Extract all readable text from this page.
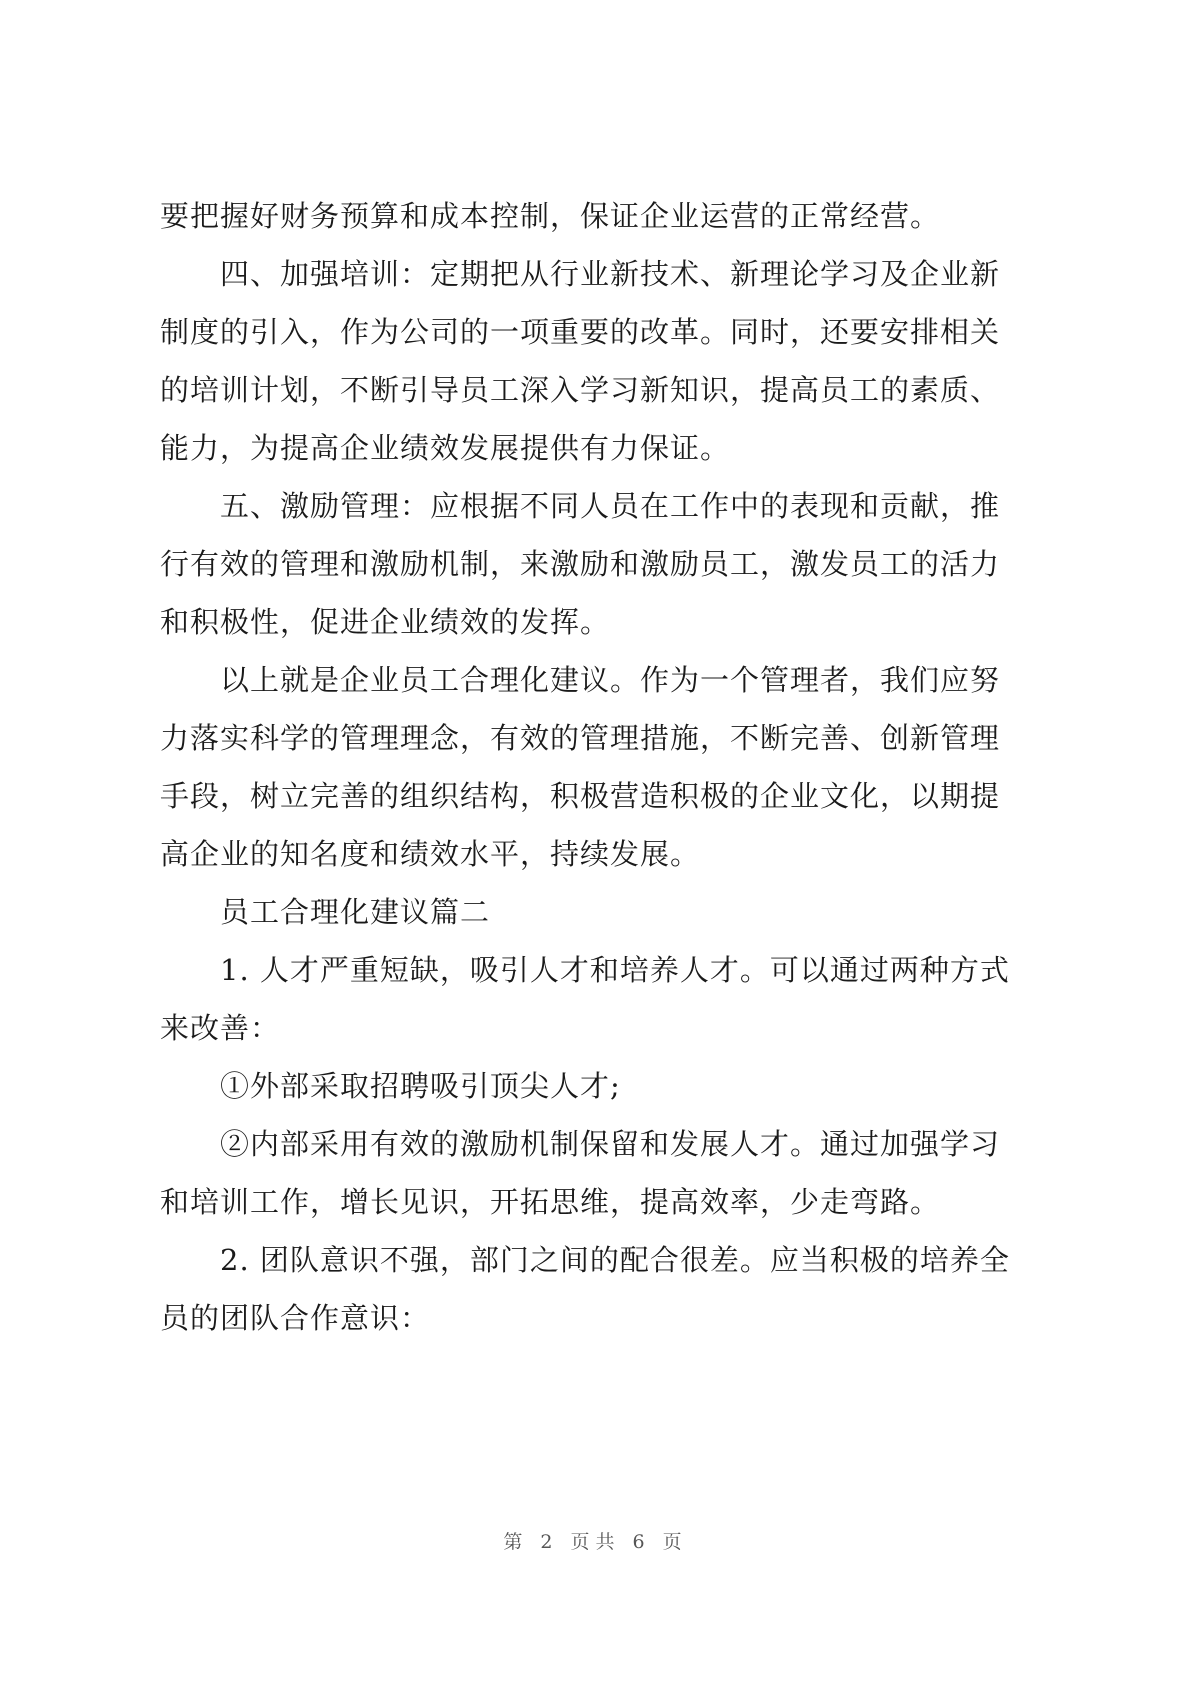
要把握好财务预算和成本控制，保证企业运营的正常经营。
四、加强培训：定期把从行业新技术、新理论学习及企业新
制度的引入，作为公司的一项重要的改革。同时，还要安排相关
的培训计划，不断引导员工深入学习新知识，提高员工的素质、
能力，为提高企业绩效发展提供有力保证。
五、激励管理：应根据不同人员在工作中的表现和贡献，推
行有效的管理和激励机制，来激励和激励员工，激发员工的活力
和积极性，促进企业绩效的发挥。
以上就是企业员工合理化建议。作为一个管理者，我们应努
力落实科学的管理理念，有效的管理措施，不断完善、创新管理
手段，树立完善的组织结构，积极营造积极的企业文化，以期提
高企业的知名度和绩效水平，持续发展。
员工合理化建议篇二
1. 人才严重短缺，吸引人才和培养人才。可以通过两种方式
来改善：
①外部采取招聘吸引顶尖人才;
②内部采用有效的激励机制保留和发展人才。通过加强学习
和培训工作，增长见识，开拓思维，提高效率，少走弯路。
2. 团队意识不强，部门之间的配合很差。应当积极的培养全
员的团队合作意识：
第 2 页共 6 页
